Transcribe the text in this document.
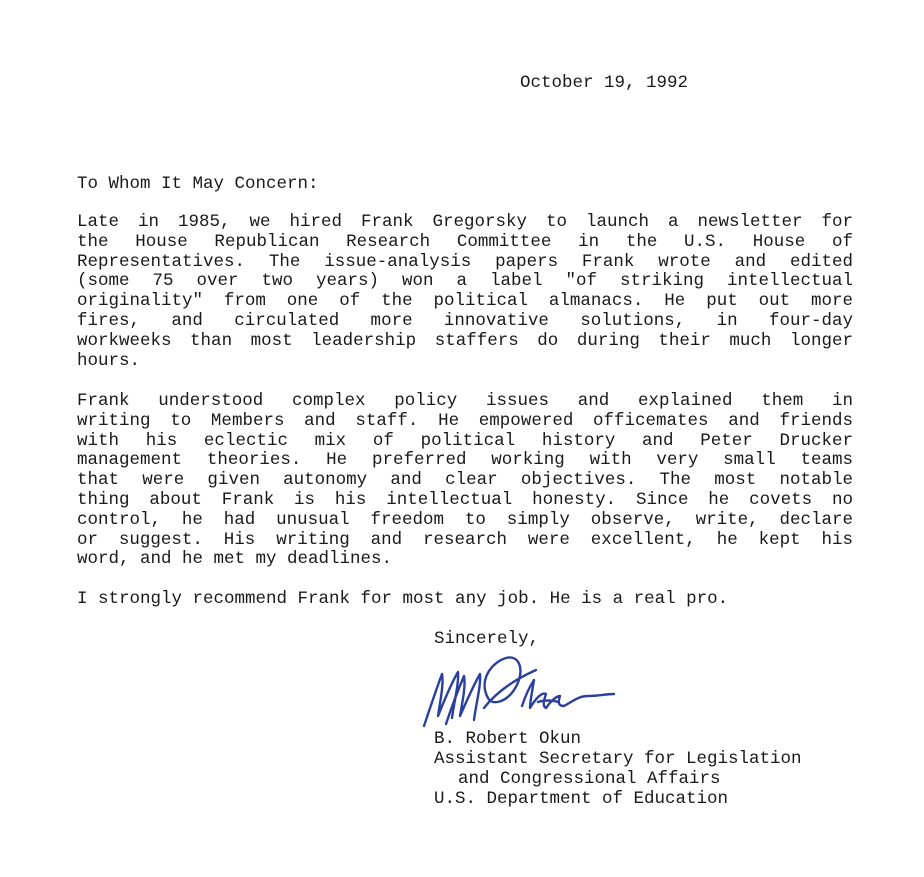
October 19, 1992
To Whom It May Concern:
Late in 1985, we hired Frank Gregorsky to launch a newsletter for
the House Republican Research Committee in the U.S. House of
Representatives. The issue-analysis papers Frank wrote and edited
(some 75 over two years) won a label "of striking intellectual
originality" from one of the political almanacs. He put out more
fires, and circulated more innovative solutions, in four-day
workweeks than most leadership staffers do during their much longer
hours.
Frank understood complex policy issues and explained them in
writing to Members and staff. He empowered officemates and friends
with his eclectic mix of political history and Peter Drucker
management theories. He preferred working with very small teams
that were given autonomy and clear objectives. The most notable
thing about Frank is his intellectual honesty. Since he covets no
control, he had unusual freedom to simply observe, write, declare
or suggest. His writing and research were excellent, he kept his
word, and he met my deadlines.
I strongly recommend Frank for most any job. He is a real pro.
Sincerely,
B. Robert Okun
Assistant Secretary for Legislation
and Congressional Affairs
U.S. Department of Education
